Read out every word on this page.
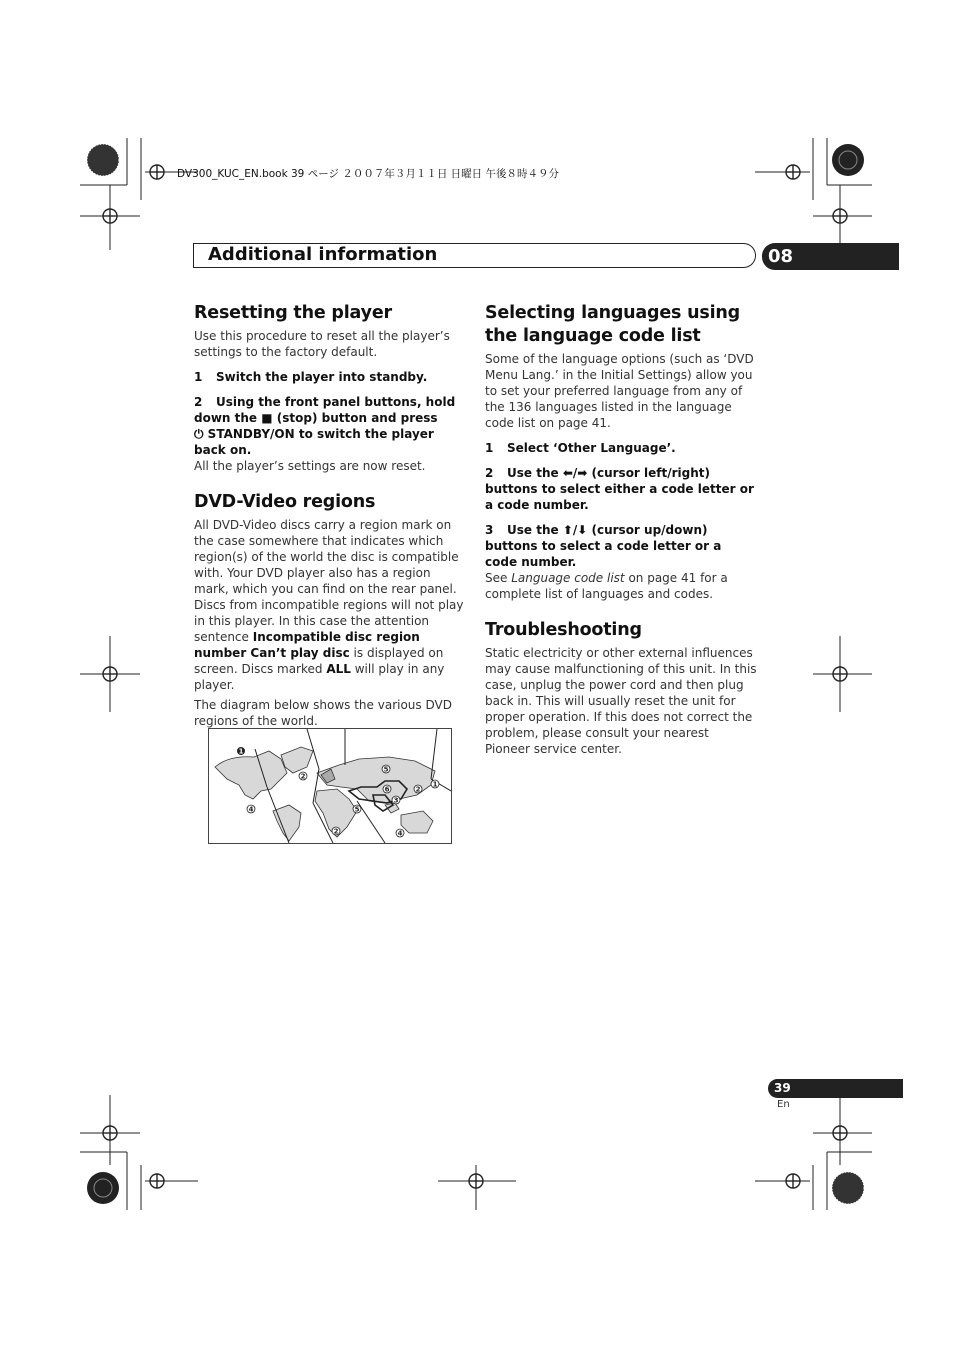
DV300_KUC_EN.book 39 ページ ２００７年３月１１日 日曜日 午後８時４９分
Additional information	08
Resetting the player

Use this procedure to reset all the player’s settings to the factory default.

1 Switch the player into standby.

2 Using the front panel buttons, hold down the ■ (stop) button and press
⏻ STANDBY/ON to switch the player back on.

All the player’s settings are now reset.

DVD-Video regions

All DVD-Video discs carry a region mark on the case somewhere that indicates which region(s) of the world the disc is compatible with. Your DVD player also has a region mark, which you can find on the rear panel. Discs from incompatible regions will not play in this player. In this case the attention sentence Incompatible disc region number Can’t play disc is displayed on screen. Discs marked ALL will play in any player.

The diagram below shows the various DVD regions of the world.

1
2
4
5
6
3
2
1
5
2	4
Selecting languages using the language code list

Some of the language options (such as ‘DVD Menu Lang.’ in the Initial Settings) allow you to set your preferred language from any of the 136 languages listed in the language code list on page 41.

1 Select ‘Other Language’.

2 Use the ⬅/➡ (cursor left/right) buttons to select either a code letter or a code number.

3 Use the ⬆/⬇ (cursor up/down) buttons to select a code letter or a code number.

See Language code list on page 41 for a complete list of languages and codes.

Troubleshooting

Static electricity or other external influences may cause malfunctioning of this unit. In this case, unplug the power cord and then plug back in. This will usually reset the unit for proper operation. If this does not correct the problem, please consult your nearest Pioneer service center.

39
En
